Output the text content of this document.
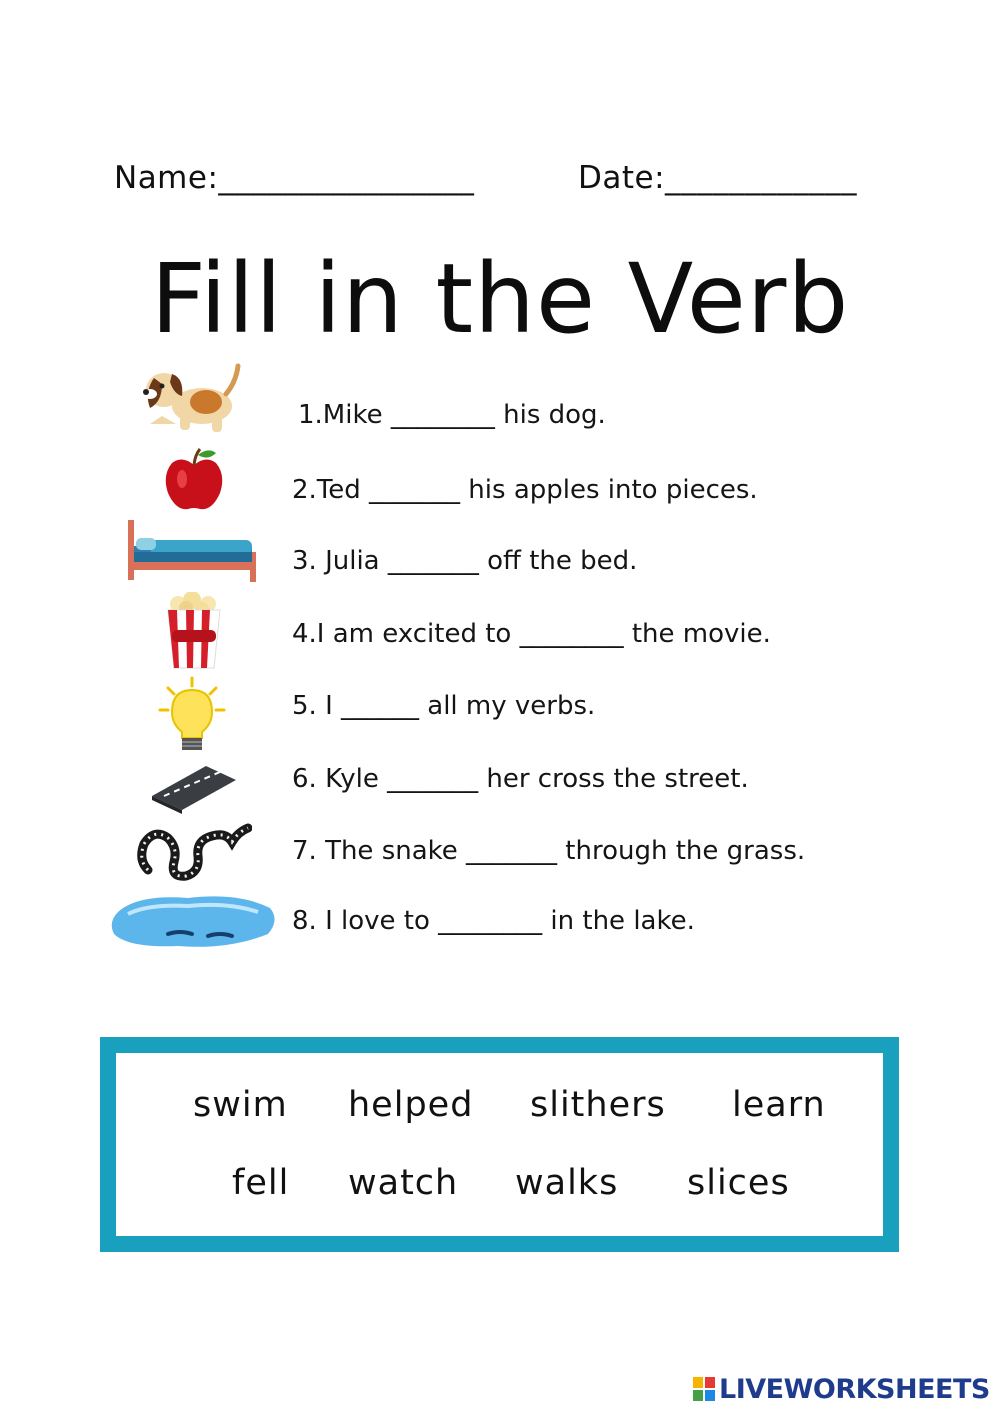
Name:________________	Date:____________
Fill in the Verb
1.Mike ________ his dog.
2.Ted _______ his apples into pieces.
3. Julia _______ off the bed.
4.I am excited to ________ the movie.
5. I ______ all my verbs.
6. Kyle _______ her cross the street.
7. The snake _______ through the grass.
8. I love to ________ in the lake.
swim helped slithers learn
fell watch walks slices
LIVEWORKSHEETS
